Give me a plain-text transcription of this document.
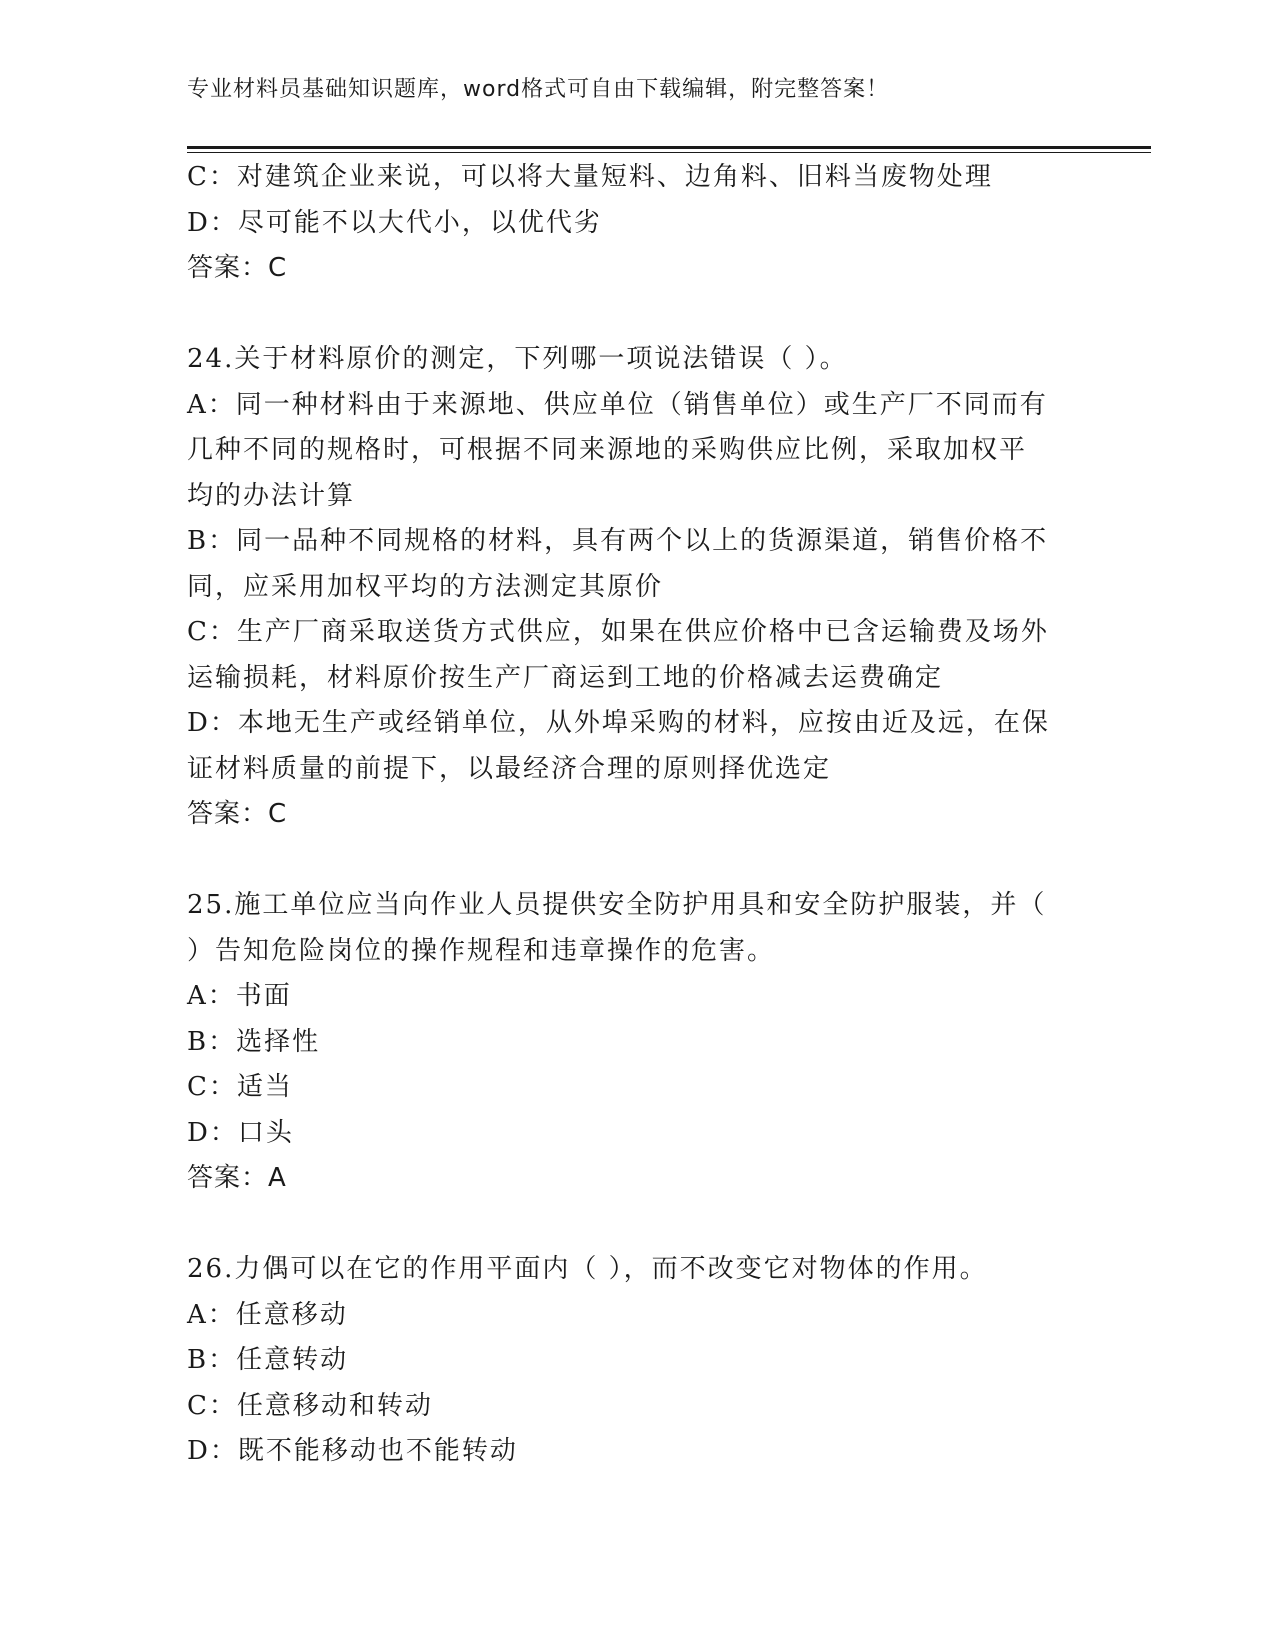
专业材料员基础知识题库，word格式可自由下载编辑，附完整答案！
C：对建筑企业来说，可以将大量短料、边角料、旧料当废物处理
D：尽可能不以大代小，以优代劣
答案：C
24.关于材料原价的测定，下列哪一项说法错误（ ）。
A：同一种材料由于来源地、供应单位（销售单位）或生产厂不同而有
几种不同的规格时，可根据不同来源地的采购供应比例，采取加权平
均的办法计算
B：同一品种不同规格的材料，具有两个以上的货源渠道，销售价格不
同，应采用加权平均的方法测定其原价
C：生产厂商采取送货方式供应，如果在供应价格中已含运输费及场外
运输损耗，材料原价按生产厂商运到工地的价格减去运费确定
D：本地无生产或经销单位，从外埠采购的材料，应按由近及远，在保
证材料质量的前提下，以最经济合理的原则择优选定
答案：C
25.施工单位应当向作业人员提供安全防护用具和安全防护服装，并（
）告知危险岗位的操作规程和违章操作的危害。
A：书面
B：选择性
C：适当
D：口头
答案：A
26.力偶可以在它的作用平面内（ ），而不改变它对物体的作用。
A：任意移动
B：任意转动
C：任意移动和转动
D：既不能移动也不能转动
